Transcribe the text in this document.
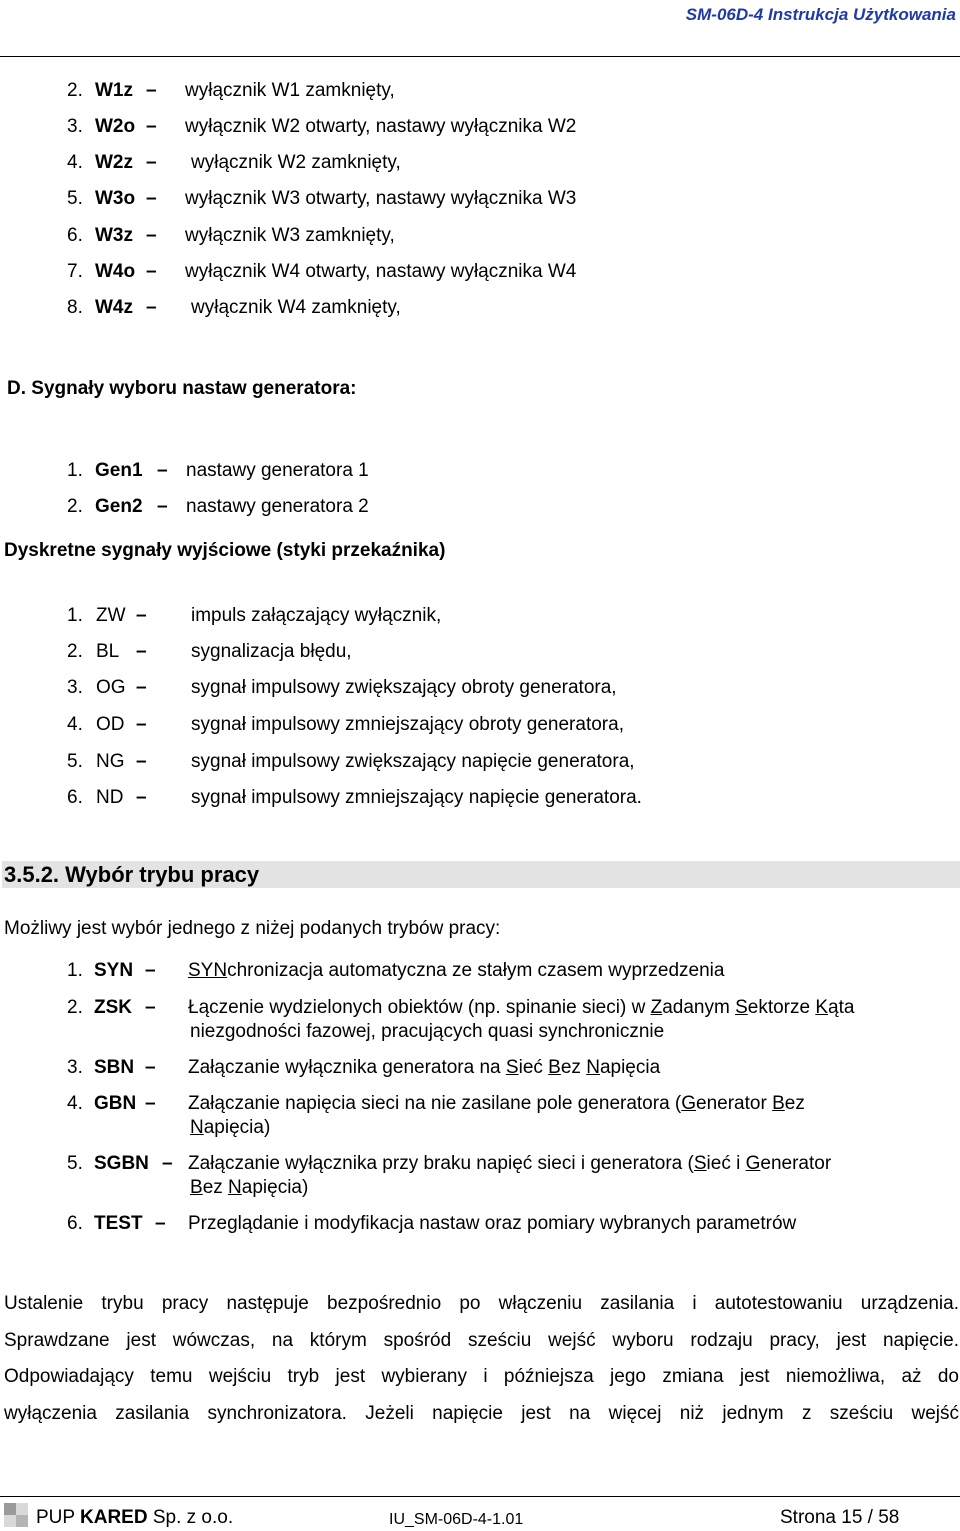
SM-06D-4 Instrukcja Użytkowania
2. W1z – wyłącznik W1 zamknięty,
3. W2o – wyłącznik W2 otwarty, nastawy wyłącznika W2
4. W2z – wyłącznik W2 zamknięty,
5. W3o – wyłącznik W3 otwarty, nastawy wyłącznika W3
6. W3z – wyłącznik W3 zamknięty,
7. W4o – wyłącznik W4 otwarty, nastawy wyłącznika W4
8. W4z – wyłącznik W4 zamknięty,
D. Sygnały wyboru nastaw generatora:
1. Gen1 – nastawy generatora 1
2. Gen2 – nastawy generatora 2
Dyskretne sygnały wyjściowe (styki przekaźnika)
1. ZW – impuls załączający wyłącznik,
2. BL – sygnalizacja błędu,
3. OG – sygnał impulsowy zwiększający obroty generatora,
4. OD – sygnał impulsowy zmniejszający obroty generatora,
5. NG – sygnał impulsowy zwiększający napięcie generatora,
6. ND – sygnał impulsowy zmniejszający napięcie generatora.
3.5.2. Wybór trybu pracy
Możliwy jest wybór jednego z niżej podanych trybów pracy:
1. SYN – SYNchronizacja automatyczna ze stałym czasem wyprzedzenia
2. ZSK – Łączenie wydzielonych obiektów (np. spinanie sieci) w Zadanym Sektorze Kąta
niezgodności fazowej, pracujących quasi synchronicznie
3. SBN – Załączanie wyłącznika generatora na Sieć Bez Napięcia
4. GBN – Załączanie napięcia sieci na nie zasilane pole generatora (Generator Bez
Napięcia)
5. SGBN – Załączanie wyłącznika przy braku napięć sieci i generatora (Sieć i Generator
Bez Napięcia)
6. TEST – Przeglądanie i modyfikacja nastaw oraz pomiary wybranych parametrów
Ustalenie trybu pracy następuje bezpośrednio po włączeniu zasilania i autotestowaniu urządzenia.
Sprawdzane jest wówczas, na którym spośród sześciu wejść wyboru rodzaju pracy, jest napięcie.
Odpowiadający temu wejściu tryb jest wybierany i późniejsza jego zmiana jest niemożliwa, aż do
wyłączenia zasilania synchronizatora. Jeżeli napięcie jest na więcej niż jednym z sześciu wejść
PUP KARED Sp. z o.o.	IU_SM-06D-4-1.01	Strona 15 / 58
